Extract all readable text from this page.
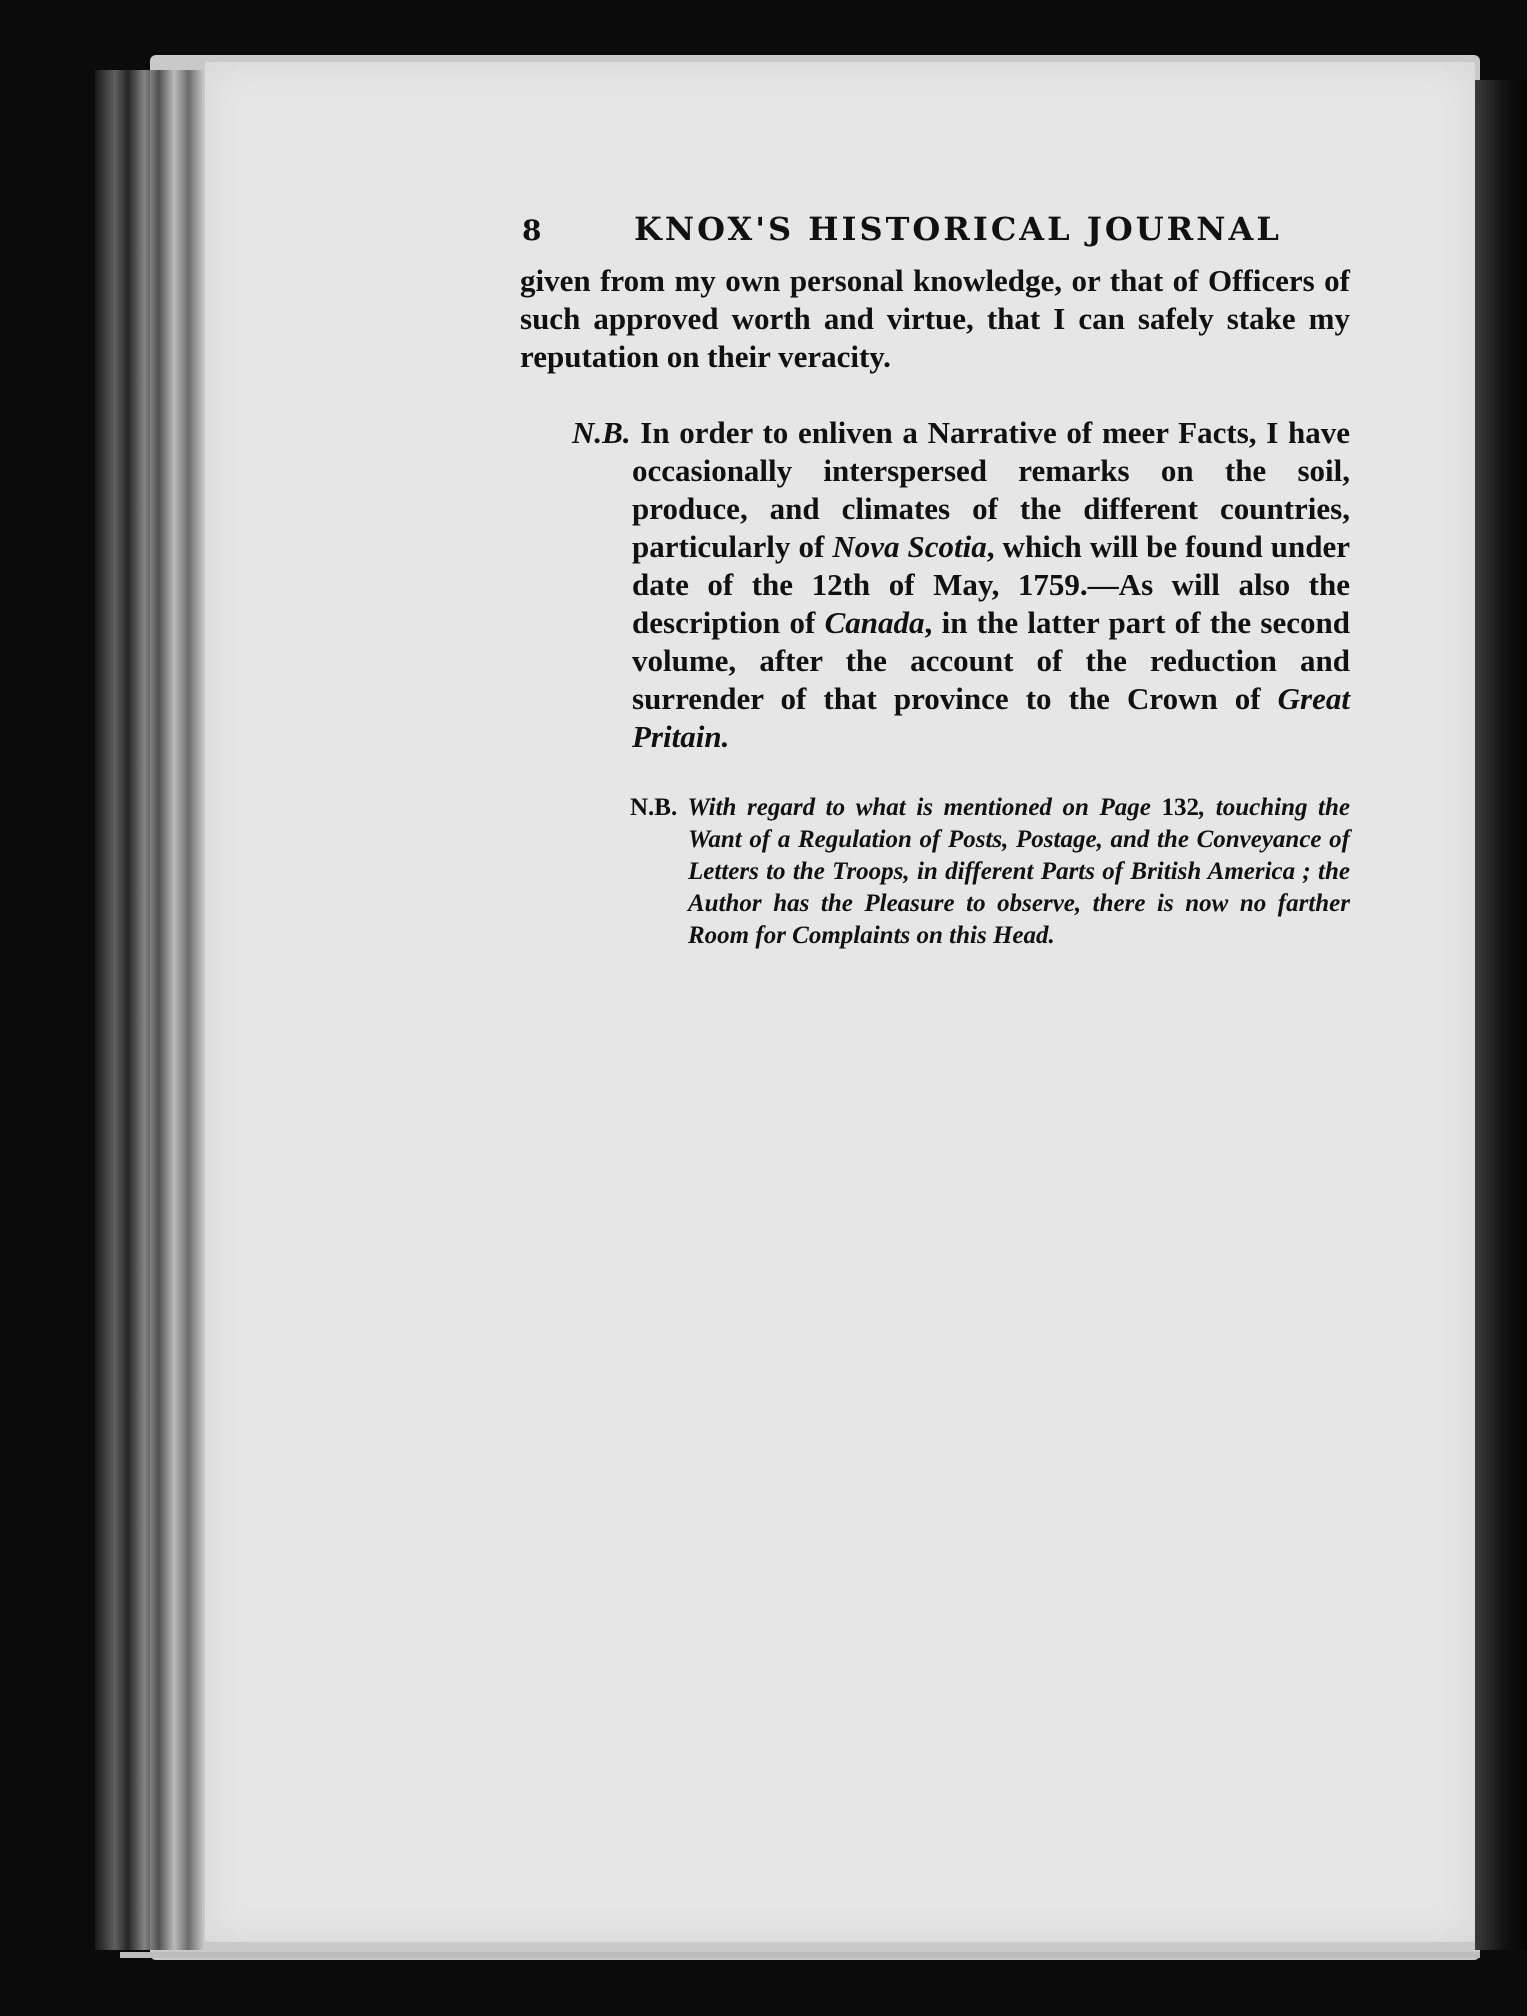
8	KNOX'S HISTORICAL JOURNAL

given from my own personal knowledge, or that of Officers of such approved worth and virtue, that I can safely stake my reputation on their veracity.

N.B. In order to enliven a Narrative of meer Facts, I have occasionally interspersed remarks on the soil, produce, and climates of the different countries, particularly of Nova Scotia, which will be found under date of the 12th of May, 1759.—As will also the description of Canada, in the latter part of the second volume, after the account of the reduction and surrender of that province to the Crown of Great Pritain.

N.B. With regard to what is mentioned on Page 132, touching the Want of a Regulation of Posts, Postage, and the Conveyance of Letters to the Troops, in different Parts of British America ; the Author has the Pleasure to observe, there is now no farther Room for Complaints on this Head.
